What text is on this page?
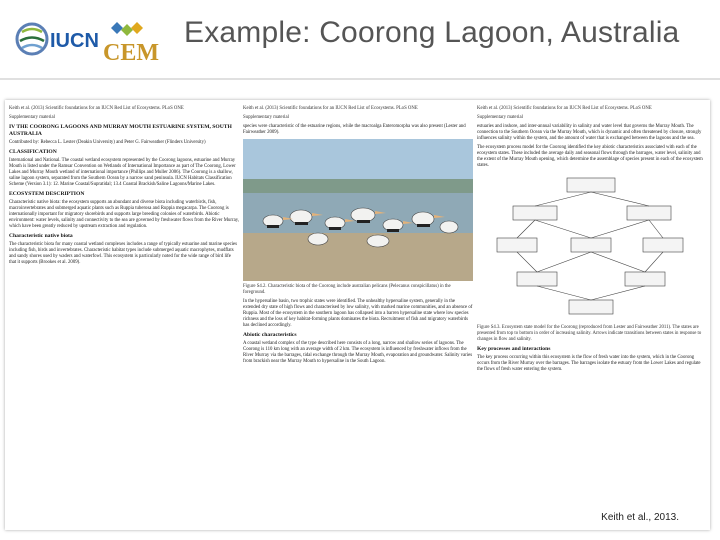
IUCN CEM
Example: Coorong Lagoon, Australia
Keith et al. (2013) Scientific foundations for an IUCN Red List of Ecosystems. PLoS ONE
Supplementary material
IV THE COORONG LAGOONS AND MURRAY MOUTH ESTUARINE SYSTEM, SOUTH AUSTRALIA
Contributed by: Rebecca L. Lester (Deakin University) and Peter G. Fairweather (Flinders University)
CLASSIFICATION
International and National. The coastal wetland ecosystem represented by the Coorong lagoons, estuarine and Murray Mouth is listed under the Ramsar Convention on Wetlands of International Importance as part of The Coorong, Lower Lakes and Murray Mouth wetland of international importance (Phillips and Muller 2006). The Coorong is a shallow, saline lagoon system, separated from the Southern Ocean by a narrow sand peninsula. IUCN Habitats Classification Scheme (Version 3.1): 12. Marine Coastal/Supratidal; 13.4 Coastal Brackish/Saline Lagoons/Marine Lakes.
ECOSYSTEM DESCRIPTION
Characteristic native biota: the ecosystem supports an abundant and diverse biota including waterbirds, fish, macroinvertebrates and submerged aquatic plants such as Ruppia tuberosa and Ruppia megacarpa. The Coorong is internationally important for migratory shorebirds and supports large breeding colonies of waterbirds. Abiotic environment: water levels, salinity and connectivity to the sea are governed by freshwater flows from the River Murray, which have been greatly reduced by upstream extraction and regulation.
Characteristic native biota
The characteristic biota for many coastal wetland complexes includes a range of typically estuarine and marine species including fish, birds and invertebrates. Characteristic habitat types include submerged aquatic macrophytes, mudflats and sandy shores used by waders and waterfowl. This ecosystem is particularly noted for the wide range of bird life that it supports (Brookes et al. 2009).
Keith et al. (2013) Scientific foundations for an IUCN Red List of Ecosystems. PLoS ONE
Supplementary material
species were characteristic of the estuarine regions, while the macroalga Enteromorpha was also present (Lester and Fairweather 2009).
Figure S4.2. Characteristic biota of the Coorong include australian pelicans (Pelecanus conspicillatus) in the foreground.
In the hypersaline basin, two trophic states were identified. The unhealthy hypersaline system, generally in the extended dry state of high flows and characterised by low salinity, with marked marine communities, and an absence of Ruppia. Most of the ecosystem in the southern lagoon has collapsed into a barren hypersaline state where low species richness and the loss of key habitat-forming plants dominates the biota. Recruitment of fish and migratory waterbirds has declined accordingly.
Abiotic characteristics
A coastal wetland complex of the type described here consists of a long, narrow and shallow series of lagoons. The Coorong is 110 km long with an average width of 2 km. The ecosystem is influenced by freshwater inflows from the River Murray via the barrages, tidal exchange through the Murray Mouth, evaporation and groundwater. Salinity varies from brackish near the Murray Mouth to hypersaline in the South Lagoon.
Keith et al. (2013) Scientific foundations for an IUCN Red List of Ecosystems. PLoS ONE
Supplementary material
estuaries and inshore, and inter-annual variability in salinity and water level that governs the Murray Mouth. The connection to the Southern Ocean via the Murray Mouth, which is dynamic and often threatened by closure, strongly influences salinity within the system, and the amount of water that is exchanged between the lagoons and the sea.
The ecosystem process model for the Coorong identified the key abiotic characteristics associated with each of the ecosystem states. These included the average daily and seasonal flows through the barrages, water level, salinity and the extent of the Murray Mouth opening, which determine the assemblage of species present in each of the ecosystem states.
Figure S4.3. Ecosystem state model for the Coorong (reproduced from Lester and Fairweather 2011). The states are presented from top to bottom in order of increasing salinity. Arrows indicate transitions between states in response to changes in flow and salinity.
Key processes and interactions
The key process occurring within this ecosystem is the flow of fresh water into the system, which in the Coorong occurs from the River Murray over the barrages. The barrages isolate the estuary from the Lower Lakes and regulate the flows of fresh water entering the system.
Keith et al., 2013.
